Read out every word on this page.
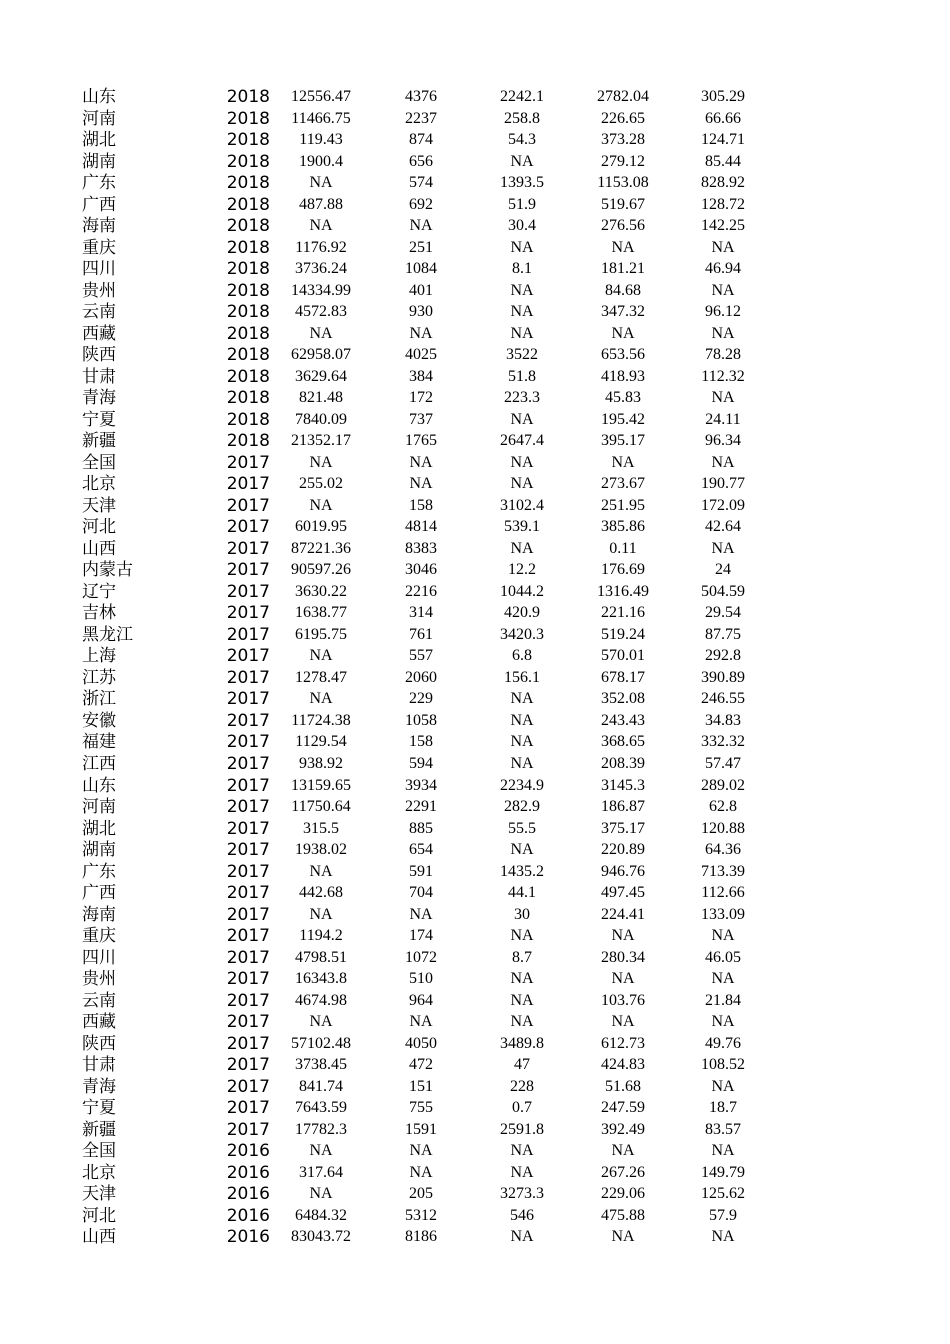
山东	2018	12556.47	4376	2242.1	2782.04	305.29
河南	2018	11466.75	2237	258.8	226.65	66.66
湖北	2018	119.43	874	54.3	373.28	124.71
湖南	2018	1900.4	656	NA	279.12	85.44
广东	2018	NA	574	1393.5	1153.08	828.92
广西	2018	487.88	692	51.9	519.67	128.72
海南	2018	NA	NA	30.4	276.56	142.25
重庆	2018	1176.92	251	NA	NA	NA
四川	2018	3736.24	1084	8.1	181.21	46.94
贵州	2018	14334.99	401	NA	84.68	NA
云南	2018	4572.83	930	NA	347.32	96.12
西藏	2018	NA	NA	NA	NA	NA
陕西	2018	62958.07	4025	3522	653.56	78.28
甘肃	2018	3629.64	384	51.8	418.93	112.32
青海	2018	821.48	172	223.3	45.83	NA
宁夏	2018	7840.09	737	NA	195.42	24.11
新疆	2018	21352.17	1765	2647.4	395.17	96.34
全国	2017	NA	NA	NA	NA	NA
北京	2017	255.02	NA	NA	273.67	190.77
天津	2017	NA	158	3102.4	251.95	172.09
河北	2017	6019.95	4814	539.1	385.86	42.64
山西	2017	87221.36	8383	NA	0.11	NA
内蒙古	2017	90597.26	3046	12.2	176.69	24
辽宁	2017	3630.22	2216	1044.2	1316.49	504.59
吉林	2017	1638.77	314	420.9	221.16	29.54
黑龙江	2017	6195.75	761	3420.3	519.24	87.75
上海	2017	NA	557	6.8	570.01	292.8
江苏	2017	1278.47	2060	156.1	678.17	390.89
浙江	2017	NA	229	NA	352.08	246.55
安徽	2017	11724.38	1058	NA	243.43	34.83
福建	2017	1129.54	158	NA	368.65	332.32
江西	2017	938.92	594	NA	208.39	57.47
山东	2017	13159.65	3934	2234.9	3145.3	289.02
河南	2017	11750.64	2291	282.9	186.87	62.8
湖北	2017	315.5	885	55.5	375.17	120.88
湖南	2017	1938.02	654	NA	220.89	64.36
广东	2017	NA	591	1435.2	946.76	713.39
广西	2017	442.68	704	44.1	497.45	112.66
海南	2017	NA	NA	30	224.41	133.09
重庆	2017	1194.2	174	NA	NA	NA
四川	2017	4798.51	1072	8.7	280.34	46.05
贵州	2017	16343.8	510	NA	NA	NA
云南	2017	4674.98	964	NA	103.76	21.84
西藏	2017	NA	NA	NA	NA	NA
陕西	2017	57102.48	4050	3489.8	612.73	49.76
甘肃	2017	3738.45	472	47	424.83	108.52
青海	2017	841.74	151	228	51.68	NA
宁夏	2017	7643.59	755	0.7	247.59	18.7
新疆	2017	17782.3	1591	2591.8	392.49	83.57
全国	2016	NA	NA	NA	NA	NA
北京	2016	317.64	NA	NA	267.26	149.79
天津	2016	NA	205	3273.3	229.06	125.62
河北	2016	6484.32	5312	546	475.88	57.9
山西	2016	83043.72	8186	NA	NA	NA
